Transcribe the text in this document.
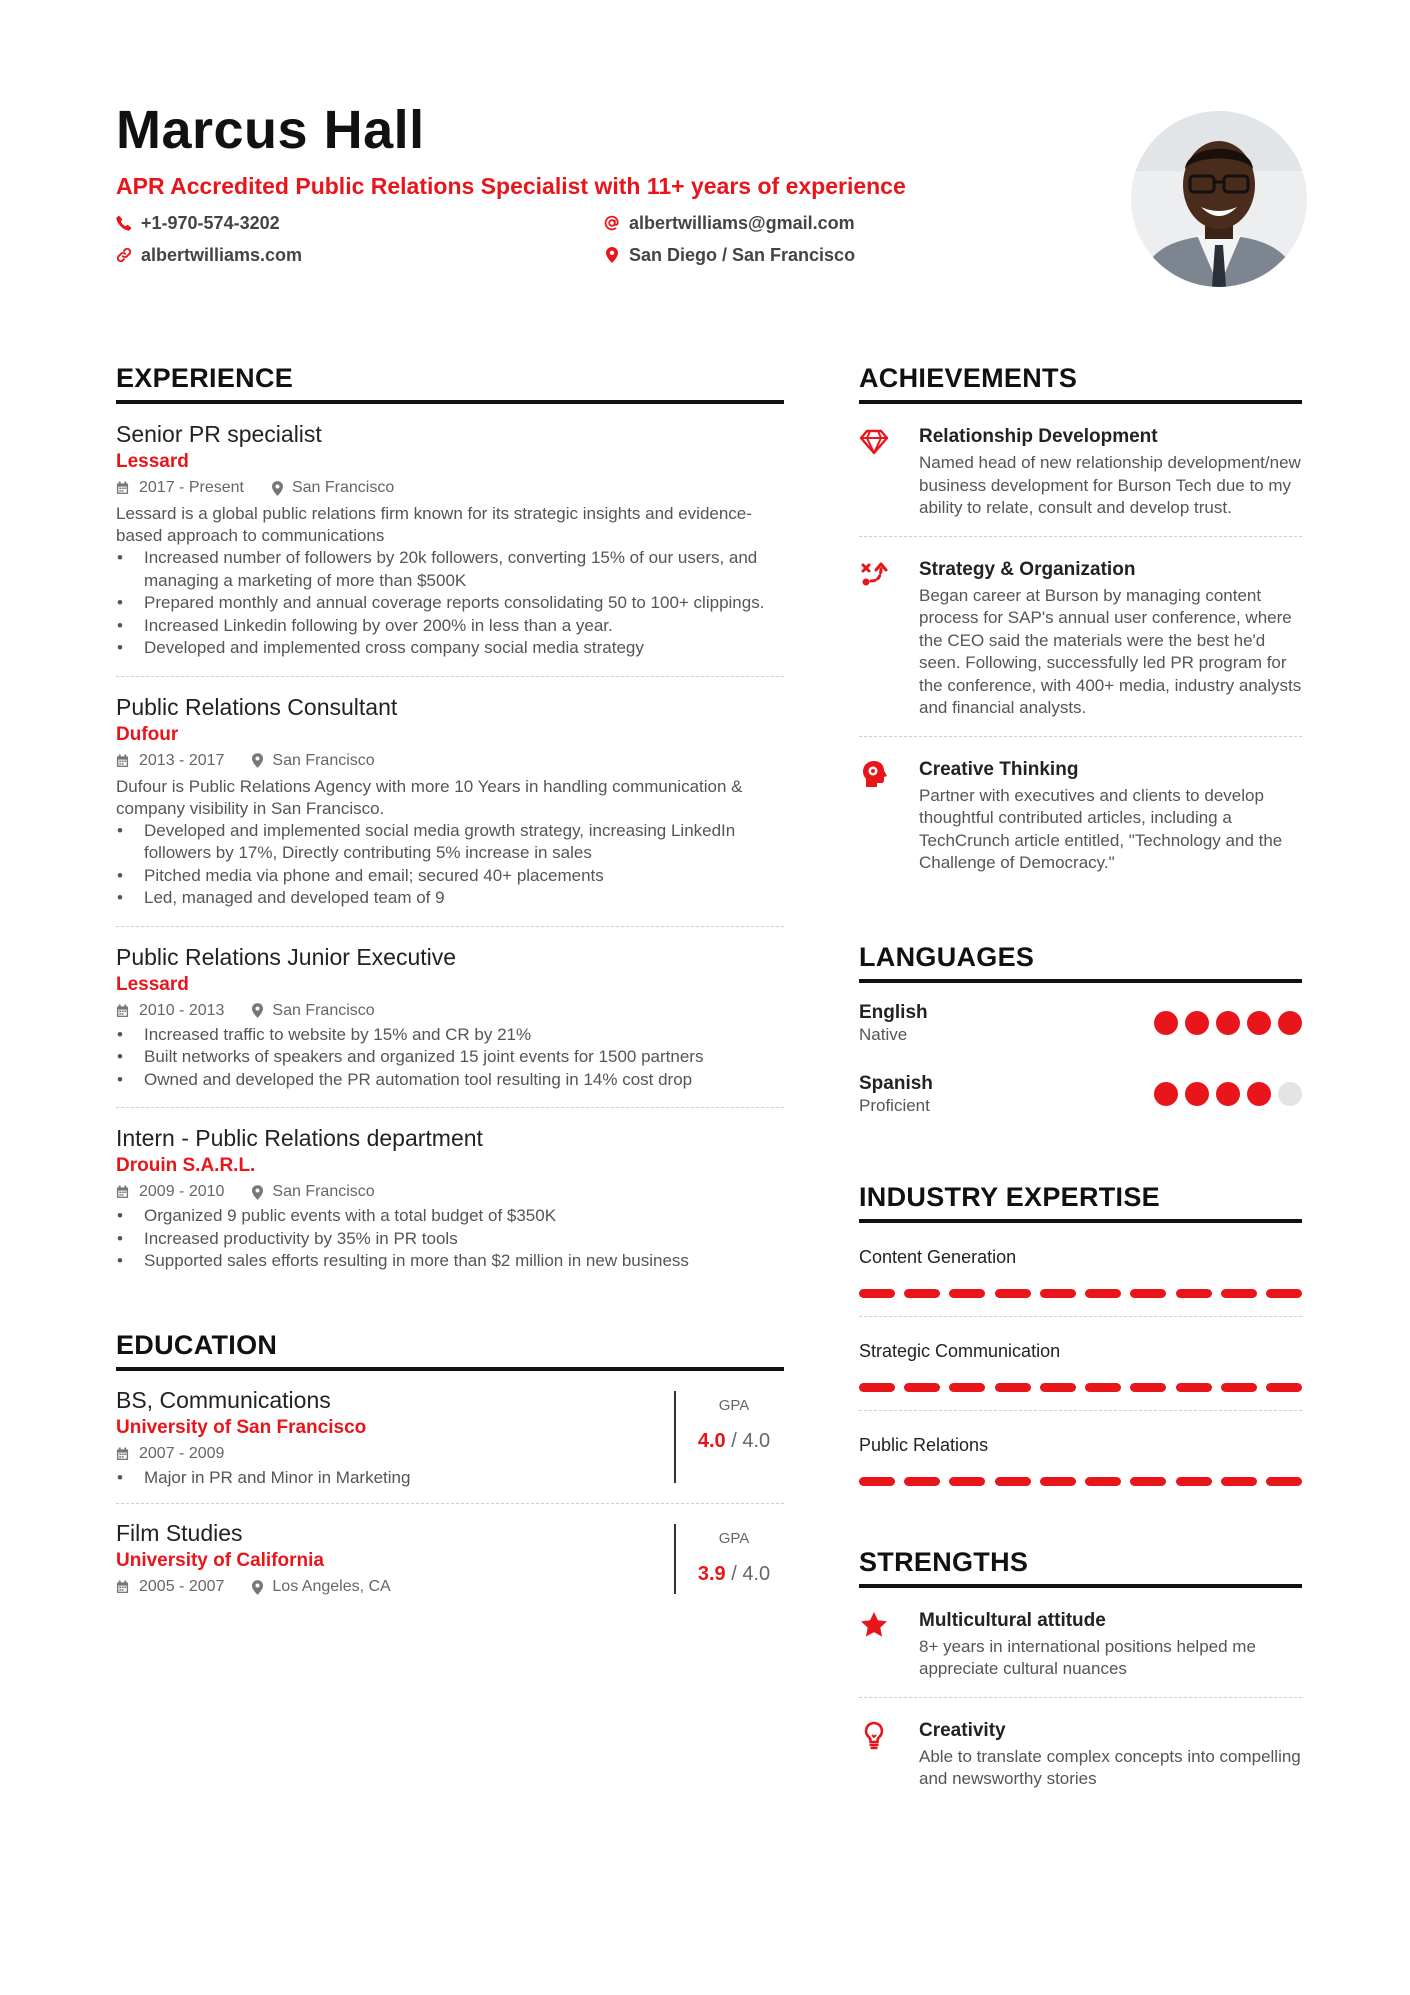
Marcus Hall
APR Accredited Public Relations Specialist with 11+ years of experience
+1-970-574-3202	albertwilliams@gmail.com
albertwilliams.com	San Diego / San Francisco
EXPERIENCE
Senior PR specialist
Lessard
2017 - Present	San Francisco
Lessard is a global public relations firm known for its strategic insights and evidence-based approach to communications
• Increased number of followers by 20k followers, converting 15% of our users, and managing a marketing of more than $500K
• Prepared monthly and annual coverage reports consolidating 50 to 100+ clippings.
• Increased Linkedin following by over 200% in less than a year.
• Developed and implemented cross company social media strategy
Public Relations Consultant
Dufour
2013 - 2017	San Francisco
Dufour is Public Relations Agency with more 10 Years in handling communication & company visibility in San Francisco.
• Developed and implemented social media growth strategy, increasing LinkedIn followers by 17%, Directly contributing 5% increase in sales
• Pitched media via phone and email; secured 40+ placements
• Led, managed and developed team of 9
Public Relations Junior Executive
Lessard
2010 - 2013	San Francisco
• Increased traffic to website by 15% and CR by 21%
• Built networks of speakers and organized 15 joint events for 1500 partners
• Owned and developed the PR automation tool resulting in 14% cost drop
Intern - Public Relations department
Drouin S.A.R.L.
2009 - 2010	San Francisco
• Organized 9 public events with a total budget of $350K
• Increased productivity by 35% in PR tools
• Supported sales efforts resulting in more than $2 million in new business
EDUCATION
BS, Communications
University of San Francisco
2007 - 2009
• Major in PR and Minor in Marketing
GPA
4.0 / 4.0
Film Studies
University of California
2005 - 2007	Los Angeles, CA
GPA
3.9 / 4.0
ACHIEVEMENTS
Relationship Development
Named head of new relationship development/new business development for Burson Tech due to my ability to relate, consult and develop trust.
Strategy & Organization
Began career at Burson by managing content process for SAP's annual user conference, where the CEO said the materials were the best he'd seen. Following, successfully led PR program for the conference, with 400+ media, industry analysts and financial analysts.
Creative Thinking
Partner with executives and clients to develop thoughtful contributed articles, including a TechCrunch article entitled, "Technology and the Challenge of Democracy."
LANGUAGES
English
Native
Spanish
Proficient
INDUSTRY EXPERTISE
Content Generation
Strategic Communication
Public Relations
STRENGTHS
Multicultural attitude
8+ years in international positions helped me appreciate cultural nuances
Creativity
Able to translate complex concepts into compelling and newsworthy stories
